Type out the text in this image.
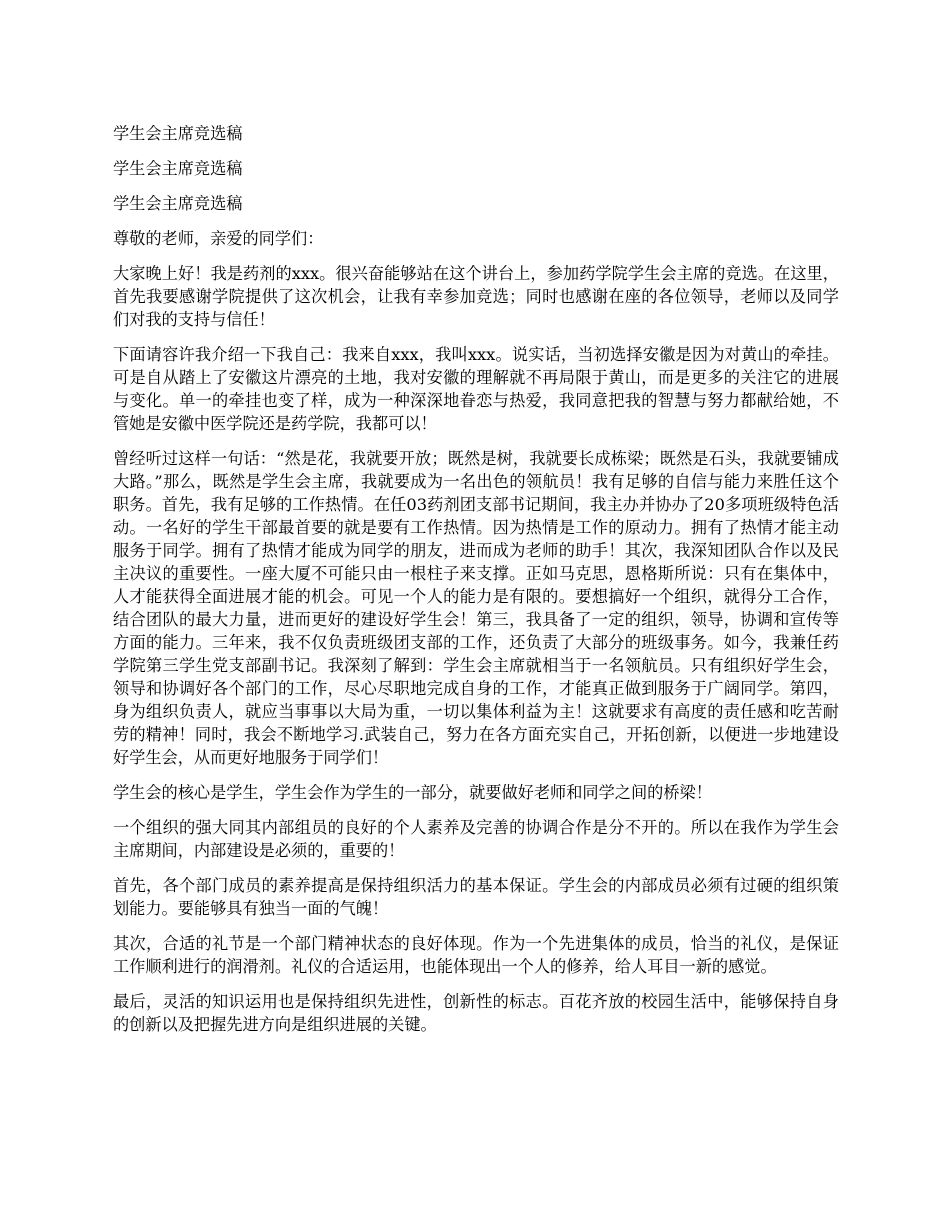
学生会主席竞选稿

学生会主席竞选稿

学生会主席竞选稿

尊敬的老师，亲爱的同学们：

大家晚上好！我是药剂的xxx。很兴奋能够站在这个讲台上，参加药学院学生会主席的竞选。在这里，首先我要感谢学院提供了这次机会，让我有幸参加竞选；同时也感谢在座的各位领导，老师以及同学们对我的支持与信任！

下面请容许我介绍一下我自己：我来自xxx，我叫xxx。说实话，当初选择安徽是因为对黄山的牵挂。可是自从踏上了安徽这片漂亮的土地，我对安徽的理解就不再局限于黄山，而是更多的关注它的进展与变化。单一的牵挂也变了样，成为一种深深地眷恋与热爱，我同意把我的智慧与努力都献给她，不管她是安徽中医学院还是药学院，我都可以！

曾经听过这样一句话：“然是花，我就要开放；既然是树，我就要长成栋梁；既然是石头，我就要铺成大路。”那么，既然是学生会主席，我就要成为一名出色的领航员！我有足够的自信与能力来胜任这个职务。首先，我有足够的工作热情。在任03药剂团支部书记期间，我主办并协办了20多项班级特色活动。一名好的学生干部最首要的就是要有工作热情。因为热情是工作的原动力。拥有了热情才能主动服务于同学。拥有了热情才能成为同学的朋友，进而成为老师的助手！其次，我深知团队合作以及民主决议的重要性。一座大厦不可能只由一根柱子来支撑。正如马克思，恩格斯所说：只有在集体中，人才能获得全面进展才能的机会。可见一个人的能力是有限的。要想搞好一个组织，就得分工合作，结合团队的最大力量，进而更好的建设好学生会！第三，我具备了一定的组织，领导，协调和宣传等方面的能力。三年来，我不仅负责班级团支部的工作，还负责了大部分的班级事务。如今，我兼任药学院第三学生党支部副书记。我深刻了解到：学生会主席就相当于一名领航员。只有组织好学生会，领导和协调好各个部门的工作，尽心尽职地完成自身的工作，才能真正做到服务于广阔同学。第四，身为组织负责人，就应当事事以大局为重，一切以集体利益为主！这就要求有高度的责任感和吃苦耐劳的精神！同时，我会不断地学习.武装自己，努力在各方面充实自己，开拓创新，以便进一步地建设好学生会，从而更好地服务于同学们！

学生会的核心是学生，学生会作为学生的一部分，就要做好老师和同学之间的桥梁！

一个组织的强大同其内部组员的良好的个人素养及完善的协调合作是分不开的。所以在我作为学生会主席期间，内部建设是必须的，重要的！

首先，各个部门成员的素养提高是保持组织活力的基本保证。学生会的内部成员必须有过硬的组织策划能力。要能够具有独当一面的气魄！

其次，合适的礼节是一个部门精神状态的良好体现。作为一个先进集体的成员，恰当的礼仪，是保证工作顺利进行的润滑剂。礼仪的合适运用，也能体现出一个人的修养，给人耳目一新的感觉。

最后，灵活的知识运用也是保持组织先进性，创新性的标志。百花齐放的校园生活中，能够保持自身的创新以及把握先进方向是组织进展的关键。
